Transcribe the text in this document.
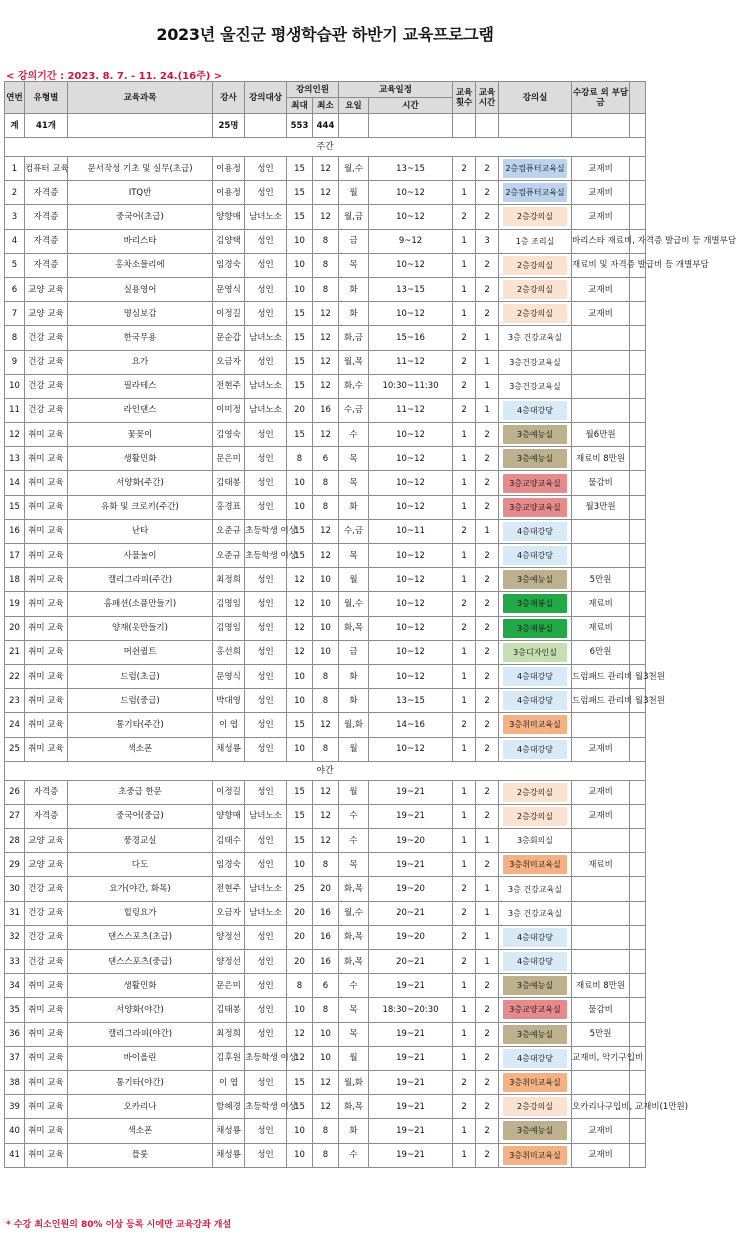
2023년 울진군 평생학습관 하반기 교육프로그램
< 강의기간 : 2023. 8. 7. - 11. 24.(16주) >
연번	유형별	교육과목	강사	강의대상	강의인원		교육일정		교육횟수	교육시간	강의실	수강료 외 부담금	
					최대	최소	요일	시간					
계	41개		25명		553	444							
주간													
1	컴퓨터 교육	문서작성 기초 및 실무(초급)	이용정	성인	15	12	월,수	13~15	2	2	2층컴퓨터교육실	교재비	
2	자격증	ITQ반	이용정	성인	15	12	월	10~12	1	2	2층컴퓨터교육실	교재비	
3	자격증	중국어(초급)	양향매	남녀노소	15	12	월,금	10~12	2	2	2층강의실	교재비	
4	자격증	바리스타	김양택	성인	10	8	금	9~12	1	3	1층 조리실	바리스타 재료비, 자격증 발급비 등 개별부담	
5	자격증	홍차소믈리에	임경숙	성인	10	8	목	10~12	1	2	2층강의실	재료비 및 자격증 발급비 등 개별부담	
6	교양 교육	실용영어	문영식	성인	10	8	화	13~15	1	2	2층강의실	교재비	
7	교양 교육	명심보감	이정길	성인	15	12	화	10~12	1	2	2층강의실	교재비	
8	건강 교육	한국무용	문순갑	남녀노소	15	12	화,금	15~16	2	1	3층 건강교육실		

9	건강 교육	요가	오금자	성인	15	12	월,목	11~12	2	1	3층건강교육실		

10	건강 교육	필라테스	전현주	남녀노소	15	12	화,수	10:30~11:30	2	1	3층건강교육실		

11	건강 교육	라인댄스	이미정	남녀노소	20	16	수,금	11~12	2	1	4층대강당		

12	취미 교육	꽃꽂이	김영숙	성인	15	12	수	10~12	1	2	3층예능실	월6만원	
13	취미 교육	생활민화	문은미	성인	8	6	목	10~12	1	2	3층예능실	재료비 8만원	
14	취미 교육	서양화(주간)	김태봉	성인	10	8	목	10~12	1	2	3층교양교육실	물감비	
15	취미 교육	유화 및 크로키(주간)	홍경표	성인	10	8	화	10~12	1	2	3층교양교육실	월3만원	
16	취미 교육	난타	오준규	초등학생 이상	15	12	수,금	10~11	2	1	4층대강당		

17	취미 교육	사물놀이	오준규	초등학생 이상	15	12	목	10~12	1	2	4층대강당		

18	취미 교육	캘리그라피(주간)	최정희	성인	12	10	월	10~12	1	2	3층예능실	5만원	
19	취미 교육	홈패션(소품만들기)	김명임	성인	12	10	월,수	10~12	2	2	3층재봉실	재료비	
20	취미 교육	양재(옷만들기)	김명임	성인	12	10	화,목	10~12	2	2	3층재봉실	재료비	
21	취미 교육	머쉰퀼트	홍선희	성인	12	10	금	10~12	1	2	3층디자인실	6만원	
22	취미 교육	드럼(초급)	문영식	성인	10	8	화	10~12	1	2	4층대강당	드럼패드 관리비 월3천원	
23	취미 교육	드럼(중급)	박대영	성인	10	8	화	13~15	1	2	4층대강당	드럼패드 관리비 월3천원	
24	취미 교육	통기타(주간)	이 엽	성인	15	12	월,화	14~16	2	2	3층취미교육실		

25	취미 교육	색소폰	채성룡	성인	10	8	월	10~12	1	2	4층대강당	교재비	
야간													
26	자격증	초중급 한문	이정길	성인	15	12	월	19~21	1	2	2층강의실	교재비	
27	자격증	중국어(중급)	양향매	남녀노소	15	12	수	19~21	1	2	2층강의실	교재비	
28	교양 교육	풍경교실	김태수	성인	15	12	수	19~20	1	1	3층회의실		

29	교양 교육	다도	임경숙	성인	10	8	목	19~21	1	2	3층취미교육실	재료비	
30	건강 교육	요가(야간, 화목)	전현주	남녀노소	25	20	화,목	19~20	2	1	3층 건강교육실		

31	건강 교육	힐링요가	오금자	남녀노소	20	16	월,수	20~21	2	1	3층 건강교육실		

32	건강 교육	댄스스포츠(초급)	양정선	성인	20	16	화,목	19~20	2	1	4층대강당		

33	건강 교육	댄스스포츠(중급)	양정선	성인	20	16	화,목	20~21	2	1	4층대강당		

34	취미 교육	생활민화	문은미	성인	8	6	수	19~21	1	2	3층예능실	재료비 8만원	
35	취미 교육	서양화(야간)	김태봉	성인	10	8	목	18:30~20:30	1	2	3층교양교육실	물감비	
36	취미 교육	캘리그라피(야간)	최정희	성인	12	10	목	19~21	1	2	3층예능실	5만원	
37	취미 교육	바이올린	김후원	초등학생 이상	12	10	월	19~21	1	2	4층대강당	교재비, 악기구입비	
38	취미 교육	통기타(야간)	이 엽	성인	15	12	월,화	19~21	2	2	3층취미교육실		

39	취미 교육	오카리나	함혜경	초등학생 이상	15	12	화,목	19~21	2	2	2층강의실	오카리나구입비, 교재비(1만원)	
40	취미 교육	색소폰	채성룡	성인	10	8	화	19~21	1	2	3층예능실	교재비	
41	취미 교육	플룻	채성룡	성인	10	8	수	19~21	1	2	3층취미교육실	교재비	
* 수강 최소인원의 80% 이상 등록 시에만 교육강좌 개설
